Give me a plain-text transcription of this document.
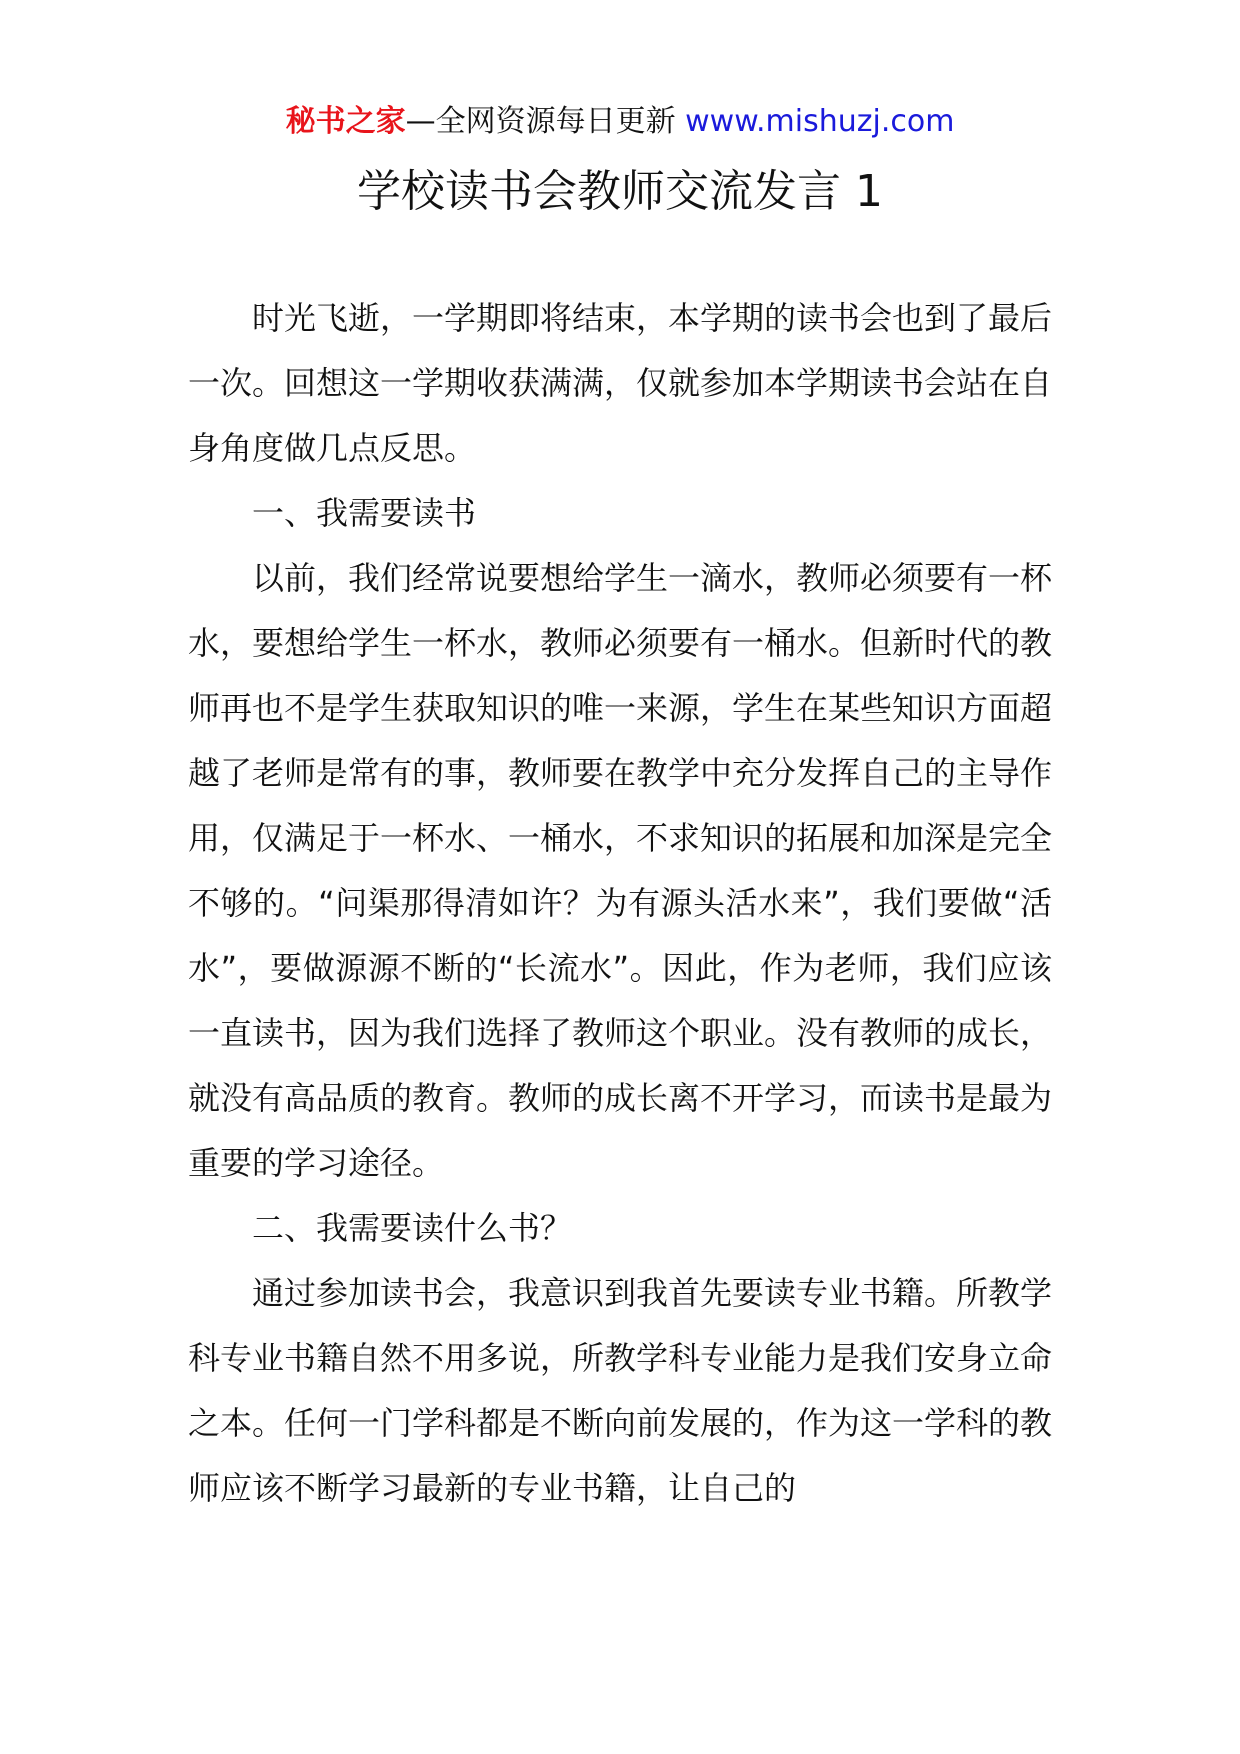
秘书之家—全网资源每日更新 www.mishuzj.com
学校读书会教师交流发言 1

时光飞逝，一学期即将结束，本学期的读书会也到了最后一次。回想这一学期收获满满，仅就参加本学期读书会站在自身角度做几点反思。

一、我需要读书

以前，我们经常说要想给学生一滴水，教师必须要有一杯水，要想给学生一杯水，教师必须要有一桶水。但新时代的教师再也不是学生获取知识的唯一来源，学生在某些知识方面超越了老师是常有的事，教师要在教学中充分发挥自己的主导作用，仅满足于一杯水、一桶水，不求知识的拓展和加深是完全不够的。“问渠那得清如许？为有源头活水来”，我们要做“活水”，要做源源不断的“长流水”。因此，作为老师，我们应该一直读书，因为我们选择了教师这个职业。没有教师的成长，就没有高品质的教育。教师的成长离不开学习，而读书是最为重要的学习途径。

二、我需要读什么书？

通过参加读书会，我意识到我首先要读专业书籍。所教学科专业书籍自然不用多说，所教学科专业能力是我们安身立命之本。任何一门学科都是不断向前发展的，作为这一学科的教师应该不断学习最新的专业书籍，让自己的
